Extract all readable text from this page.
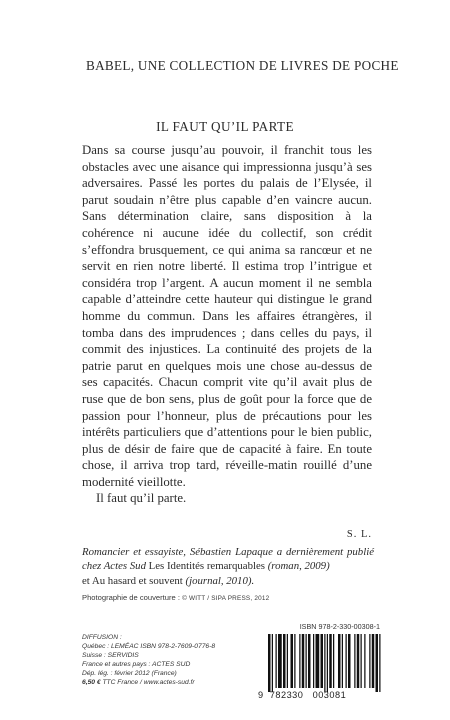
BABEL, UNE COLLECTION DE LIVRES DE POCHE
IL FAUT QU’IL PARTE

Dans sa course jusqu’au pouvoir, il franchit tous les obstacles avec une aisance qui impressionna jusqu’à ses adversaires. Passé les portes du palais de l’Elysée, il parut soudain n’être plus capable d’en vaincre aucun. Sans détermination claire, sans disposition à la cohérence ni aucune idée du collectif, son crédit s’effondra brusquement, ce qui anima sa rancœur et ne servit en rien notre liberté. Il estima trop l’intrigue et considéra trop l’argent. A aucun moment il ne sembla capable d’atteindre cette hauteur qui distingue le grand homme du commun. Dans les affaires étrangères, il tomba dans des imprudences ; dans celles du pays, il commit des injustices. La continuité des projets de la patrie parut en quelques mois une chose au-dessus de ses capacités. Chacun comprit vite qu’il avait plus de ruse que de bon sens, plus de goût pour la force que de passion pour l’honneur, plus de précautions pour les intérêts particuliers que d’attentions pour le bien public, plus de désir de faire que de capacité à faire. En toute chose, il arriva trop tard, réveille-matin rouillé d’une modernité vieillotte.

Il faut qu’il parte.

S. L.
Romancier et essayiste, Sébastien Lapaque a dernièrement publié chez Actes Sud Les Identités remarquables (roman, 2009)
et Au hasard et souvent (journal, 2010).
Photographie de couverture : © WITT / SIPA PRESS, 2012
ISBN 978-2-330-00308-1
DIFFUSION :
Québec : LEMÉAC ISBN 978-2-7609-0776-8
Suisse : SERVIDIS
France et autres pays : ACTES SUD
Dép. lég. : février 2012 (France)
6,50 € TTC France / www.actes-sud.fr
9 782330 003081
